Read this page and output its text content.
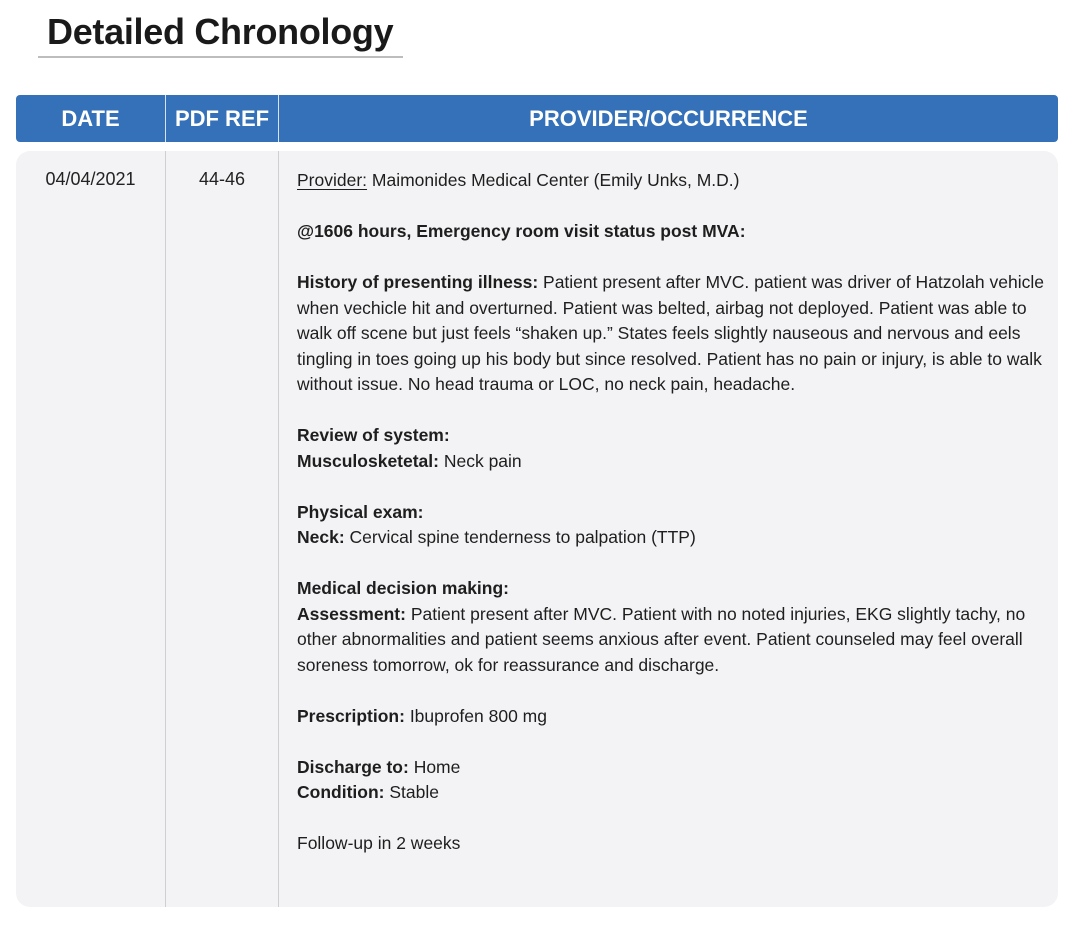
Detailed Chronology
DATE	PDF REF	PROVIDER/OCCURRENCE
04/04/2021	44-46	Provider: Maimonides Medical Center (Emily Unks, M.D.)
@1606 hours, Emergency room visit status post MVA:
History of presenting illness: Patient present after MVC. patient was driver of Hatzolah vehicle when vechicle hit and overturned. Patient was belted, airbag not deployed. Patient was able to walk off scene but just feels “shaken up.” States feels slightly nauseous and nervous and eels tingling in toes going up his body but since resolved. Patient has no pain or injury, is able to walk without issue. No head trauma or LOC, no neck pain, headache.
Review of system:
Musculosketetal: Neck pain
Physical exam:
Neck: Cervical spine tenderness to palpation (TTP)
Medical decision making:
Assessment: Patient present after MVC. Patient with no noted injuries, EKG slightly tachy, no other abnormalities and patient seems anxious after event. Patient counseled may feel overall soreness tomorrow, ok for reassurance and discharge.
Prescription: Ibuprofen 800 mg
Discharge to: Home
Condition: Stable
Follow-up in 2 weeks
